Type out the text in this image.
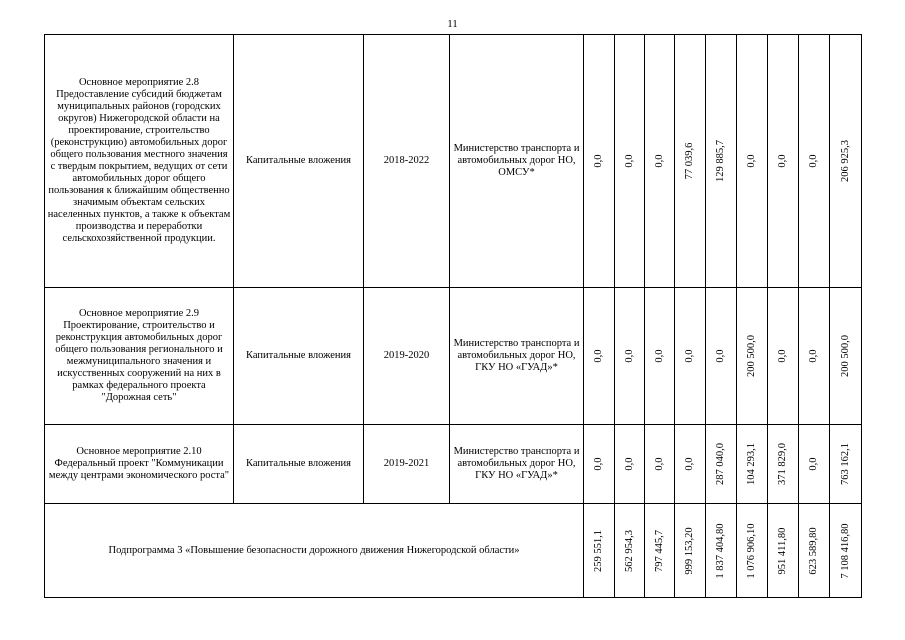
11
Основное мероприятие 2.8 Предоставление субсидий бюджетам муниципальных районов (городских округов) Нижегородской области на проектирование, строительство (реконструкцию) автомобильных дорог общего пользования местного значения с твердым покрытием, ведущих от сети автомобильных дорог общего пользования к ближайшим общественно значимым объектам сельских населенных пунктов, а также к объектам производства и переработки сельскохозяйственной продукции.	Капитальные вложения	2018-2022	Министерство транспорта и автомобильных дорог НО, ОМСУ*	0,0	0,0	0,0	77 039,6	129 885,7	0,0	0,0	0,0	206 925,3

Основное мероприятие 2.9 Проектирование, строительство и реконструкция автомобильных дорог общего пользования регионального и межмуниципального значения и искусственных сооружений на них в рамках федерального проекта "Дорожная сеть"	Капитальные вложения	2019-2020	Министерство транспорта и автомобильных дорог НО, ГКУ НО «ГУАД»*	0,0	0,0	0,0	0,0	0,0	200 500,0	0,0	0,0	200 500,0

Основное мероприятие 2.10 Федеральный проект "Коммуникации между центрами экономического роста"	Капитальные вложения	2019-2021	Министерство транспорта и автомобильных дорог НО, ГКУ НО «ГУАД»*	0,0	0,0	0,0	0,0	287 040,0	104 293,1	371 829,0	0,0	763 162,1

Подпрограмма 3 «Повышение безопасности дорожного движения Нижегородской области»				259 551,1	562 954,3	797 445,7	999 153,20	1 837 404,80	1 076 906,10	951 411,80	623 589,80	7 108 416,80
